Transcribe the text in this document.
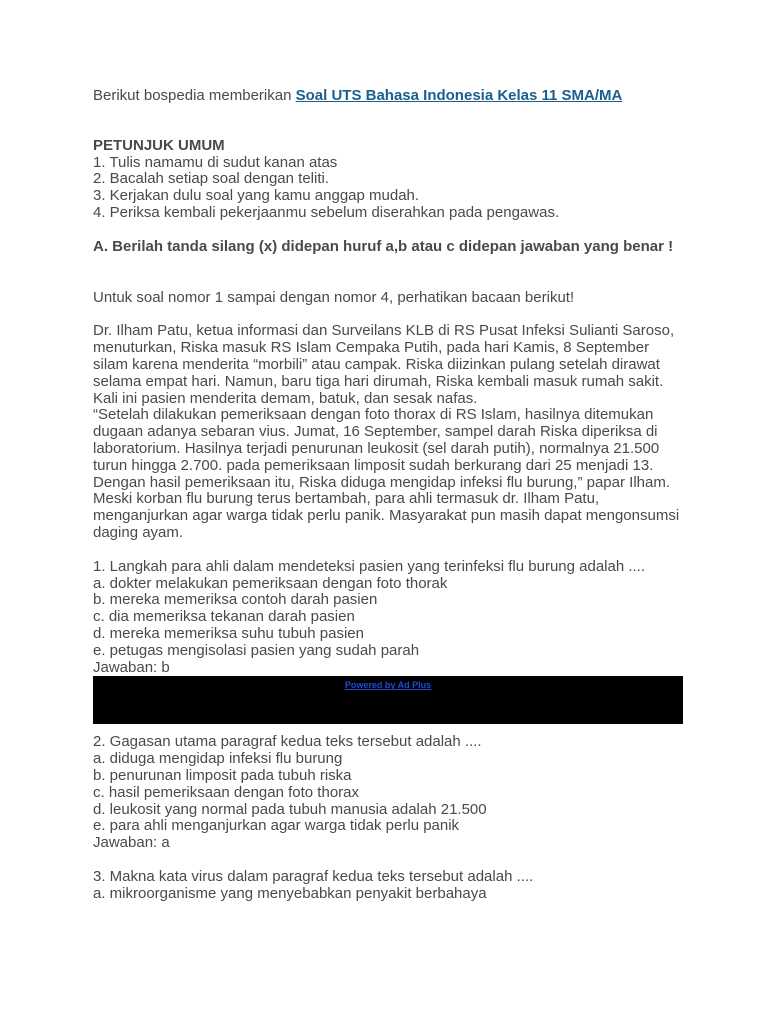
Berikut bospedia memberikan Soal UTS Bahasa Indonesia Kelas 11 SMA/MA

PETUNJUK UMUM

1. Tulis namamu di sudut kanan atas

2. Bacalah setiap soal dengan teliti.

3. Kerjakan dulu soal yang kamu anggap mudah.

4. Periksa kembali pekerjaanmu sebelum diserahkan pada pengawas.

A. Berilah tanda silang (x) didepan huruf a,b atau c didepan jawaban yang benar !

Untuk soal nomor 1 sampai dengan nomor 4, perhatikan bacaan berikut!

Dr. Ilham Patu, ketua informasi dan Surveilans KLB di RS Pusat Infeksi Sulianti Saroso, menuturkan, Riska masuk RS Islam Cempaka Putih, pada hari Kamis, 8 September silam karena menderita “morbili” atau campak. Riska diizinkan pulang setelah dirawat selama empat hari. Namun, baru tiga hari dirumah, Riska kembali masuk rumah sakit. Kali ini pasien menderita demam, batuk, dan sesak nafas.

“Setelah dilakukan pemeriksaan dengan foto thorax di RS Islam, hasilnya ditemukan dugaan adanya sebaran vius. Jumat, 16 September, sampel darah Riska diperiksa di laboratorium. Hasilnya terjadi penurunan leukosit (sel darah putih), normalnya 21.500 turun hingga 2.700. pada pemeriksaan limposit sudah berkurang dari 25 menjadi 13. Dengan hasil pemeriksaan itu, Riska diduga mengidap infeksi flu burung,” papar Ilham.

Meski korban flu burung terus bertambah, para ahli termasuk dr. Ilham Patu, menganjurkan agar warga tidak perlu panik. Masyarakat pun masih dapat mengonsumsi daging ayam.

1. Langkah para ahli dalam mendeteksi pasien yang terinfeksi flu burung adalah ....

a. dokter melakukan pemeriksaan dengan foto thorak

b. mereka memeriksa contoh darah pasien

c. dia memeriksa tekanan darah pasien

d. mereka memeriksa suhu tubuh pasien

e. petugas mengisolasi pasien yang sudah parah

Jawaban: b

Powered by Ad Plus

2. Gagasan utama paragraf kedua teks tersebut adalah ....

a. diduga mengidap infeksi flu burung

b. penurunan limposit pada tubuh riska

c. hasil pemeriksaan dengan foto thorax

d. leukosit yang normal pada tubuh manusia adalah 21.500

e. para ahli menganjurkan agar warga tidak perlu panik

Jawaban: a

3. Makna kata virus dalam paragraf kedua teks tersebut adalah ....

a. mikroorganisme yang menyebabkan penyakit berbahaya
